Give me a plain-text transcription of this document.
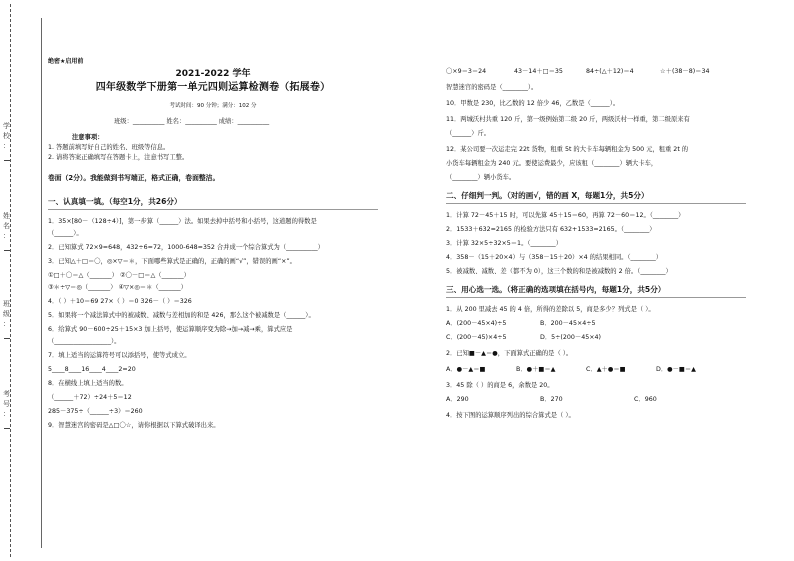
学
校
：
姓
名
：
班
级
：
考
号
：
绝密★启用前
2021-2022 学年
四年级数学下册第一单元四则运算检测卷（拓展卷）
考试时间：90 分钟；满分：102 分
班级：__________ 姓名：__________ 成绩：__________
注意事项：
1. 答题前填写好自己的姓名、班级等信息。
2. 请将答案正确填写在答题卡上，注意书写工整。
卷面（2分）。我能做到书写端正，格式正确，卷面整洁。
一、认真填一填。（每空1分，共26分）
1．35×[80－（128÷4）]，第一步算（______）法。如果去掉中括号和小括号，这道题的得数是
（______）。
2．已知算式 72×9=648，432÷6=72，1000-648=352 合并成一个综合算式为（__________）
3．已知△＋□＝〇，◎×▽＝＊，下面哪些算式是正确的，正确的画“√”，错误的画“×”。
①□＋〇＝△（_______） ②〇－□＝△（_______）
③＊÷▽＝◎（_______） ④▽×◎＝＊（_______）
4．（ ）＋10＝69 27×（ ）＝0 326－（ ）＝326
5．如果将一个减法算式中的被减数、减数与差相加的和是 426，那么这个被减数是（______）。
6．给算式 90－600÷25＋15×3 加上括号，使运算顺序变为除→加→减→乘，算式应是
（__________________）。
7．填上适当的运算符号可以添括号，使等式成立。
5____8____16____4____2=20
8．在横线上填上适当的数。
（______＋72）÷24＋5＝12
285－375÷（______÷3）＝260
9．智慧迷宫的密码是△□〇☆，请你根据以下算式破译出来。
〇×9＝3＝24	43－14＋□＝35	84÷(△＋12)＝4	☆＋(38－8)＝34
智慧迷宫的密码是（________）。
10．甲数是 230，比乙数的 12 倍少 46，乙数是（______）。
11．两城沃村共重 120 斤，第一级例始第二级 20 斤，两级沃村一样重，第二级原来有
（______）斤。
12．某公司要一次运走完 22t 货物，租重 5t 的大卡车每辆租金为 500 元，租重 2t 的
小货车每辆租金为 240 元。要使运费最少，应该租（________）辆大卡车，
（________）辆小货车。
二、仔细判一判。（对的画√，错的画 X，每题1分，共5分）
1．计算 72－45＋15 时，可以先算 45＋15＝60，再算 72－60＝12。（________）
2．1533＋632=2165 的检验方法只有 632+1533=2165。（________）
3．计算 32×5÷32×5＝1。（________）
4．358－（15＋20×4）与（358－15＋20）×4 的结果相同。（________）
5．被减数、减数、差（都不为 0），这三个数的和是被减数的 2 倍。（________）
三、用心选一选。（将正确的选项填在括号内，每题1分，共5分）
1．从 200 里减去 45 的 4 倍，所得的差除以 5，商是多少？列式是（ ）。
A．(200－45×4)÷5	B．200－45×4÷5
C．(200－45)×4÷5	D．5÷(200－45×4)
2．已知■－▲＝●，下面算式正确的是（ ）。
A．●－▲＝■	B．●＋■＝▲	C．▲＋●＝■	D．●－■＝▲
3．45 除（ ）的商是 6，余数是 20。
A．290	B．270	C．960
4．按下图的运算顺序列出的综合算式是（ ）。
